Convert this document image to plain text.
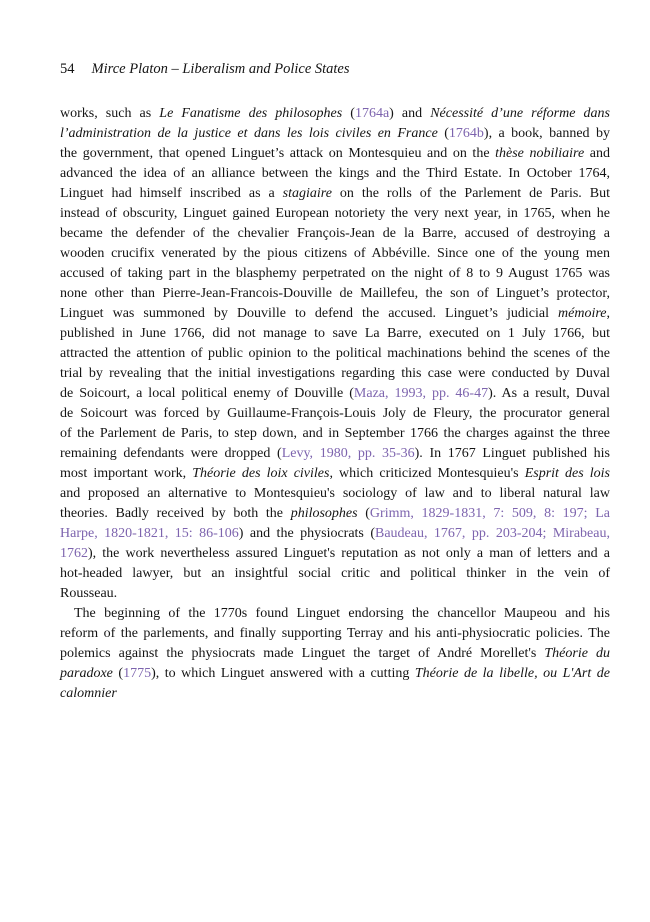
54 Mirce Platon – Liberalism and Police States

works, such as Le Fanatisme des philosophes (1764a) and Nécessité d’une réforme dans l’administration de la justice et dans les lois civiles en France (1764b), a book, banned by the government, that opened Linguet’s attack on Montesquieu and on the thèse nobiliaire and advanced the idea of an alliance between the kings and the Third Estate. In October 1764, Linguet had himself inscribed as a stagiaire on the rolls of the Parlement de Paris. But instead of obscurity, Linguet gained European notoriety the very next year, in 1765, when he became the defender of the chevalier François-Jean de la Barre, accused of destroying a wooden crucifix venerated by the pious citizens of Abbéville. Since one of the young men accused of taking part in the blasphemy perpetrated on the night of 8 to 9 August 1765 was none other than Pierre-Jean-Francois-Douville de Maillefeu, the son of Linguet’s protector, Linguet was summoned by Douville to defend the accused. Linguet’s judicial mémoire, published in June 1766, did not manage to save La Barre, executed on 1 July 1766, but attracted the attention of public opinion to the political machinations behind the scenes of the trial by revealing that the initial investigations regarding this case were conducted by Duval de Soicourt, a local political enemy of Douville (Maza, 1993, pp. 46-47). As a result, Duval de Soicourt was forced by Guillaume-François-Louis Joly de Fleury, the procurator general of the Parlement de Paris, to step down, and in September 1766 the charges against the three remaining defendants were dropped (Levy, 1980, pp. 35-36). In 1767 Linguet published his most important work, Théorie des loix civiles, which criticized Montesquieu's Esprit des lois and proposed an alternative to Montesquieu's sociology of law and to liberal natural law theories. Badly received by both the philosophes (Grimm, 1829-1831, 7: 509, 8: 197; La Harpe, 1820-1821, 15: 86-106) and the physiocrats (Baudeau, 1767, pp. 203-204; Mirabeau, 1762), the work nevertheless assured Linguet's reputation as not only a man of letters and a hot-headed lawyer, but an insightful social critic and political thinker in the vein of Rousseau.

The beginning of the 1770s found Linguet endorsing the chancellor Maupeou and his reform of the parlements, and finally supporting Terray and his anti-physiocratic policies. The polemics against the physiocrats made Linguet the target of André Morellet's Théorie du paradoxe (1775), to which Linguet answered with a cutting Théorie de la libelle, ou L'Art de calomnier
